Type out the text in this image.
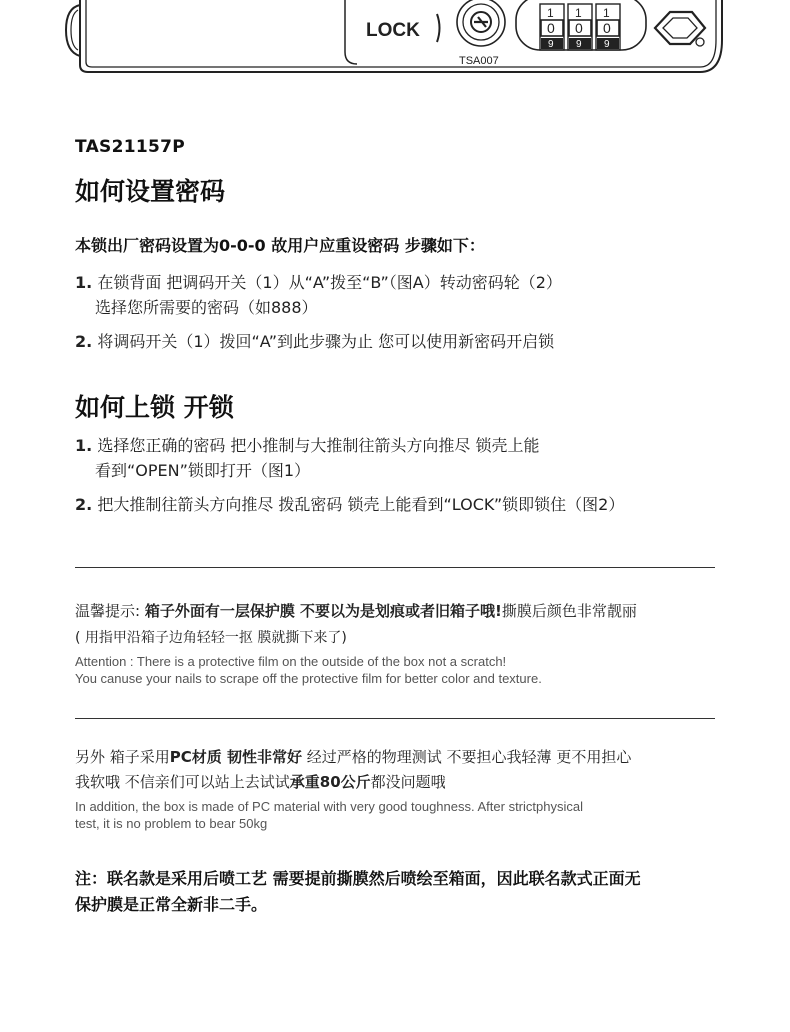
LOCK
TSA007
1 1 1
0 0 0
9 9 9
TAS21157P
如何设置密码
本锁出厂密码设置为0-0-0 故用户应重设密码 步骤如下：
1. 在锁背面 把调码开关（1）从“A”拨至“B”（图A）转动密码轮（2）
选择您所需要的密码（如888）
2. 将调码开关（1）拨回“A”到此步骤为止 您可以使用新密码开启锁
如何上锁 开锁
1. 选择您正确的密码 把小推制与大推制往箭头方向推尽 锁壳上能
看到“OPEN”锁即打开（图1）
2. 把大推制往箭头方向推尽 拨乱密码 锁壳上能看到“LOCK”锁即锁住（图2）
温馨提示: 箱子外面有一层保护膜 不要以为是划痕或者旧箱子哦!撕膜后颜色非常靓丽
( 用指甲沿箱子边角轻轻一抠 膜就撕下来了)
Attention : There is a protective film on the outside of the box not a scratch!
You canuse your nails to scrape off the protective film for better color and texture.
另外 箱子采用PC材质 韧性非常好 经过严格的物理测试 不要担心我轻薄 更不用担心
我软哦 不信亲们可以站上去试试承重80公斤都没问题哦
In addition, the box is made of PC material with very good toughness. After strictphysical
test, it is no problem to bear 50kg
注：联名款是采用后喷工艺 需要提前撕膜然后喷绘至箱面，因此联名款式正面无
保护膜是正常全新非二手。
